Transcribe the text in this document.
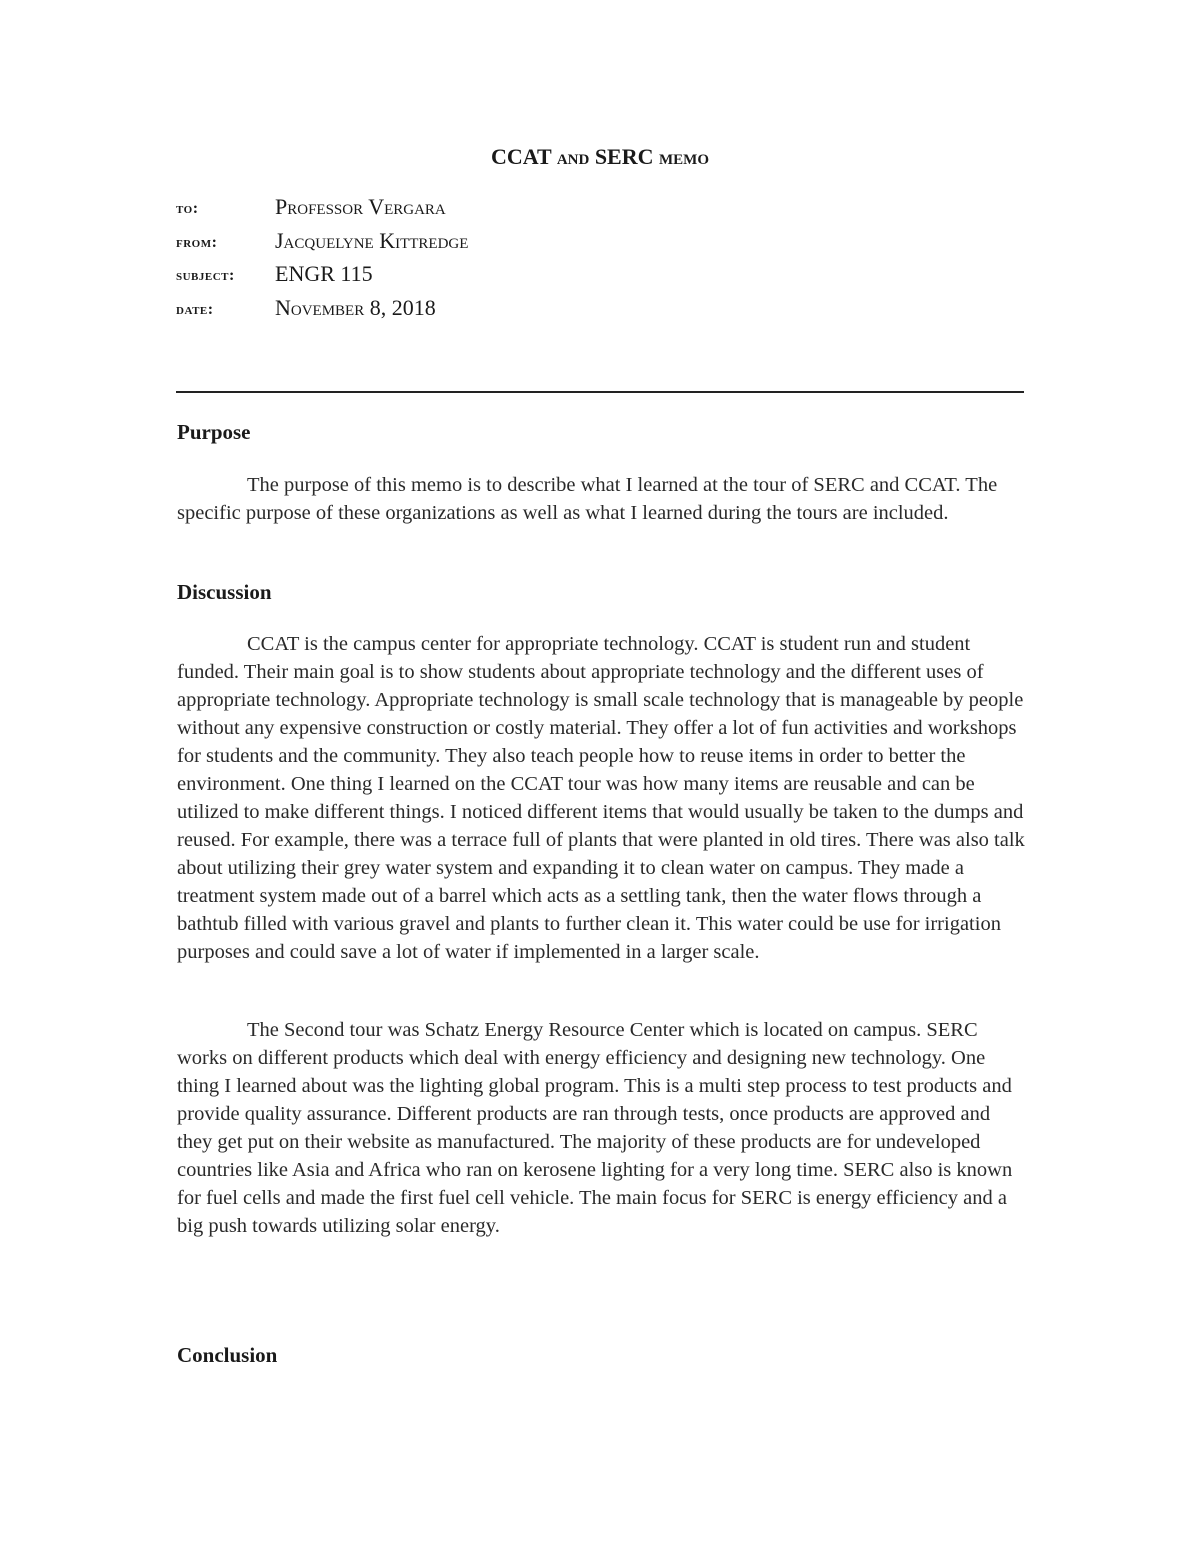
CCAT and SERC memo
to:	Professor Vergara
from:	Jacquelyne Kittredge
subject: ENGR 115
date:	November 8, 2018
Purpose

The purpose of this memo is to describe what I learned at the tour of SERC and CCAT. The specific purpose of these organizations as well as what I learned during the tours are included.

Discussion

CCAT is the campus center for appropriate technology. CCAT is student run and student funded. Their main goal is to show students about appropriate technology and the different uses of appropriate technology. Appropriate technology is small scale technology that is manageable by people without any expensive construction or costly material. They offer a lot of fun activities and workshops for students and the community. They also teach people how to reuse items in order to better the environment. One thing I learned on the CCAT tour was how many items are reusable and can be utilized to make different things. I noticed different items that would usually be taken to the dumps and reused. For example, there was a terrace full of plants that were planted in old tires. There was also talk about utilizing their grey water system and expanding it to clean water on campus. They made a treatment system made out of a barrel which acts as a settling tank, then the water flows through a bathtub filled with various gravel and plants to further clean it. This water could be use for irrigation purposes and could save a lot of water if implemented in a larger scale.

The Second tour was Schatz Energy Resource Center which is located on campus. SERC works on different products which deal with energy efficiency and designing new technology. One thing I learned about was the lighting global program. This is a multi step process to test products and provide quality assurance. Different products are ran through tests, once products are approved and they get put on their website as manufactured. The majority of these products are for undeveloped countries like Asia and Africa who ran on kerosene lighting for a very long time. SERC also is known for fuel cells and made the first fuel cell vehicle. The main focus for SERC is energy efficiency and a big push towards utilizing solar energy.

Conclusion
